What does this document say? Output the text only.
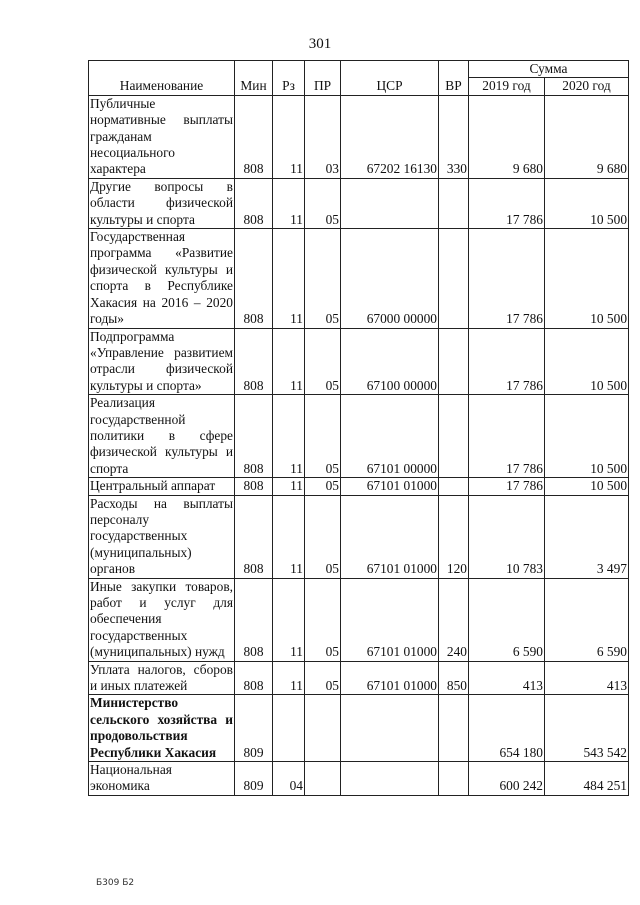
301
Наименование	Мин	Рз	ПР	ЦСР	ВР	Сумма	
						2019 год	2020 год
Публичные нормативные выплаты гражданам несоциального характера	808	11	03	67202 16130	330	9 680	9 680
Другие вопросы в области физической культуры и спорта	808	11	05			17 786	10 500
Государственная программа «Развитие физической культуры и спорта в Республике Хакасия на 2016 – 2020 годы»	808	11	05	67000 00000		17 786	10 500
Подпрограмма «Управление развитием отрасли физической культуры и спорта»	808	11	05	67100 00000		17 786	10 500
Реализация государственной политики в сфере физической культуры и спорта	808	11	05	67101 00000		17 786	10 500
Центральный аппарат	808	11	05	67101 01000		17 786	10 500
Расходы на выплаты персоналу государственных (муниципальных) органов	808	11	05	67101 01000	120	10 783	3 497
Иные закупки товаров, работ и услуг для обеспечения государственных (муниципальных) нужд	808	11	05	67101 01000	240	6 590	6 590
Уплата налогов, сборов и иных платежей	808	11	05	67101 01000	850	413	413
Министерство сельского хозяйства и продовольствия Республики Хакасия	809					654 180	543 542
Национальная экономика	809	04				600 242	484 251
Б309 Б2
